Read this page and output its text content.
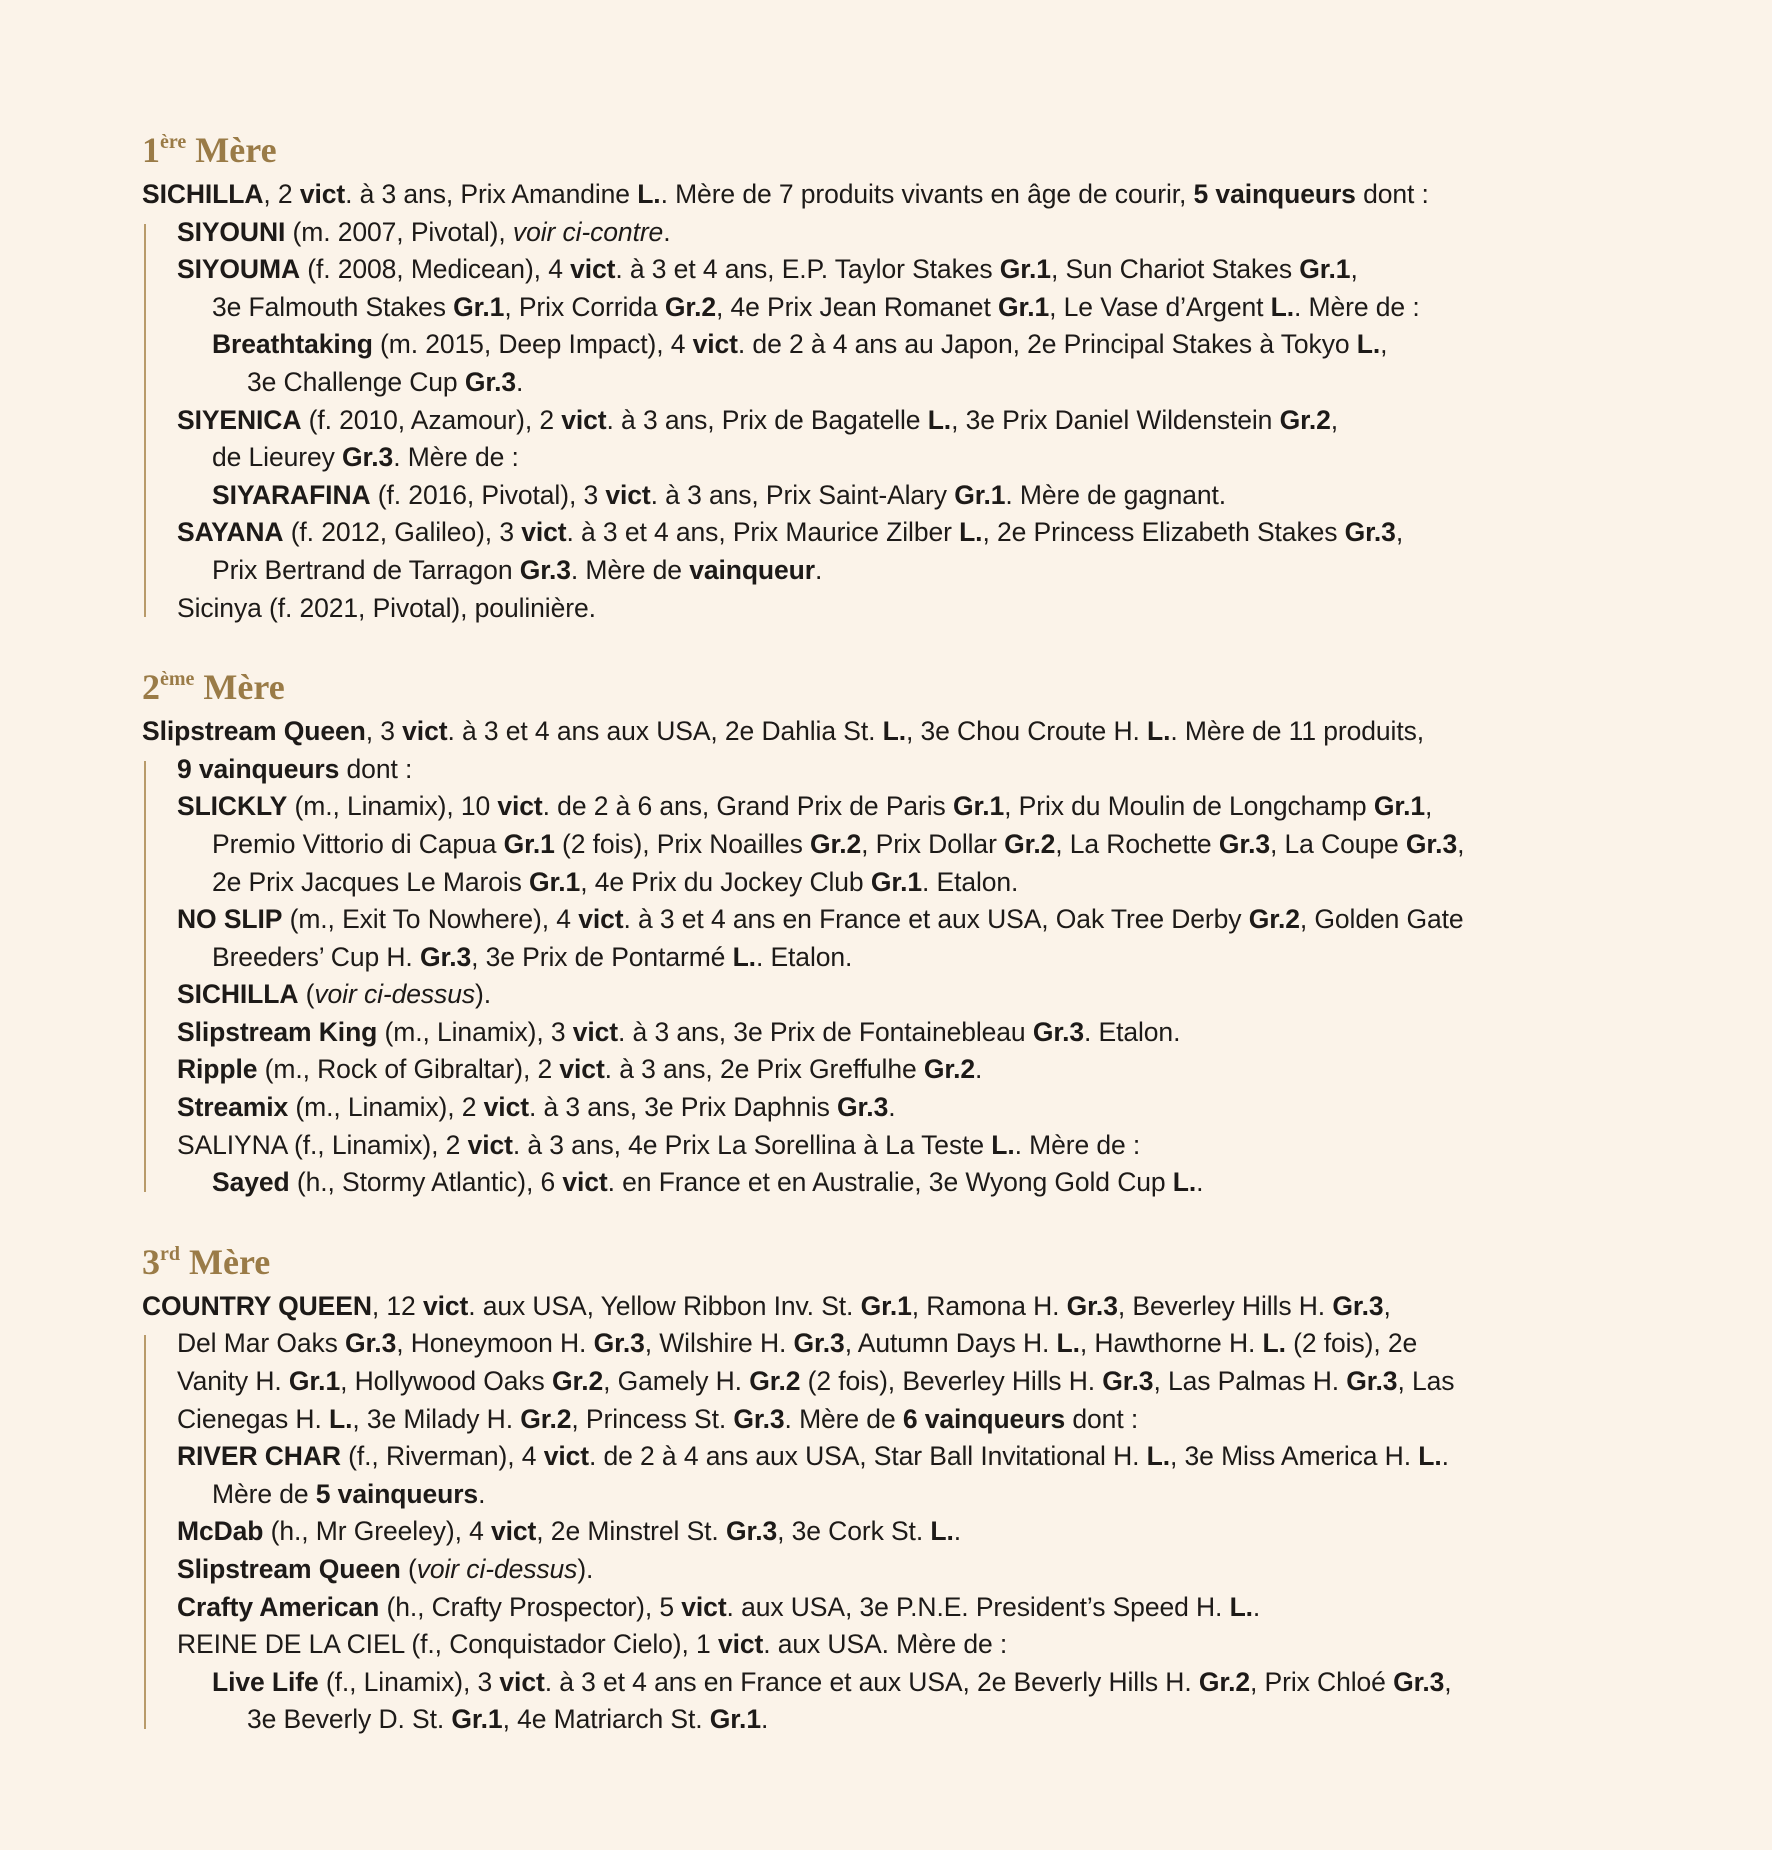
1ère Mère
SICHILLA, 2 vict. à 3 ans, Prix Amandine L.. Mère de 7 produits vivants en âge de courir, 5 vainqueurs dont :
SIYOUNI (m. 2007, Pivotal), voir ci-contre.
SIYOUMA (f. 2008, Medicean), 4 vict. à 3 et 4 ans, E.P. Taylor Stakes Gr.1, Sun Chariot Stakes Gr.1,
3e Falmouth Stakes Gr.1, Prix Corrida Gr.2, 4e Prix Jean Romanet Gr.1, Le Vase d’Argent L.. Mère de :
Breathtaking (m. 2015, Deep Impact), 4 vict. de 2 à 4 ans au Japon, 2e Principal Stakes à Tokyo L.,
3e Challenge Cup Gr.3.
SIYENICA (f. 2010, Azamour), 2 vict. à 3 ans, Prix de Bagatelle L., 3e Prix Daniel Wildenstein Gr.2,
de Lieurey Gr.3. Mère de :
SIYARAFINA (f. 2016, Pivotal), 3 vict. à 3 ans, Prix Saint-Alary Gr.1. Mère de gagnant.
SAYANA (f. 2012, Galileo), 3 vict. à 3 et 4 ans, Prix Maurice Zilber L., 2e Princess Elizabeth Stakes Gr.3,
Prix Bertrand de Tarragon Gr.3. Mère de vainqueur.
Sicinya (f. 2021, Pivotal), poulinière.
2ème Mère
Slipstream Queen, 3 vict. à 3 et 4 ans aux USA, 2e Dahlia St. L., 3e Chou Croute H. L.. Mère de 11 produits,
9 vainqueurs dont :
SLICKLY (m., Linamix), 10 vict. de 2 à 6 ans, Grand Prix de Paris Gr.1, Prix du Moulin de Longchamp Gr.1,
Premio Vittorio di Capua Gr.1 (2 fois), Prix Noailles Gr.2, Prix Dollar Gr.2, La Rochette Gr.3, La Coupe Gr.3,
2e Prix Jacques Le Marois Gr.1, 4e Prix du Jockey Club Gr.1. Etalon.
NO SLIP (m., Exit To Nowhere), 4 vict. à 3 et 4 ans en France et aux USA, Oak Tree Derby Gr.2, Golden Gate
Breeders’ Cup H. Gr.3, 3e Prix de Pontarmé L.. Etalon.
SICHILLA (voir ci-dessus).
Slipstream King (m., Linamix), 3 vict. à 3 ans, 3e Prix de Fontainebleau Gr.3. Etalon.
Ripple (m., Rock of Gibraltar), 2 vict. à 3 ans, 2e Prix Greffulhe Gr.2.
Streamix (m., Linamix), 2 vict. à 3 ans, 3e Prix Daphnis Gr.3.
SALIYNA (f., Linamix), 2 vict. à 3 ans, 4e Prix La Sorellina à La Teste L.. Mère de :
Sayed (h., Stormy Atlantic), 6 vict. en France et en Australie, 3e Wyong Gold Cup L..
3rd Mère
COUNTRY QUEEN, 12 vict. aux USA, Yellow Ribbon Inv. St. Gr.1, Ramona H. Gr.3, Beverley Hills H. Gr.3,
Del Mar Oaks Gr.3, Honeymoon H. Gr.3, Wilshire H. Gr.3, Autumn Days H. L., Hawthorne H. L. (2 fois), 2e
Vanity H. Gr.1, Hollywood Oaks Gr.2, Gamely H. Gr.2 (2 fois), Beverley Hills H. Gr.3, Las Palmas H. Gr.3, Las
Cienegas H. L., 3e Milady H. Gr.2, Princess St. Gr.3. Mère de 6 vainqueurs dont :
RIVER CHAR (f., Riverman), 4 vict. de 2 à 4 ans aux USA, Star Ball Invitational H. L., 3e Miss America H. L..
Mère de 5 vainqueurs.
McDab (h., Mr Greeley), 4 vict, 2e Minstrel St. Gr.3, 3e Cork St. L..
Slipstream Queen (voir ci-dessus).
Crafty American (h., Crafty Prospector), 5 vict. aux USA, 3e P.N.E. President’s Speed H. L..
REINE DE LA CIEL (f., Conquistador Cielo), 1 vict. aux USA. Mère de :
Live Life (f., Linamix), 3 vict. à 3 et 4 ans en France et aux USA, 2e Beverly Hills H. Gr.2, Prix Chloé Gr.3,
3e Beverly D. St. Gr.1, 4e Matriarch St. Gr.1.
